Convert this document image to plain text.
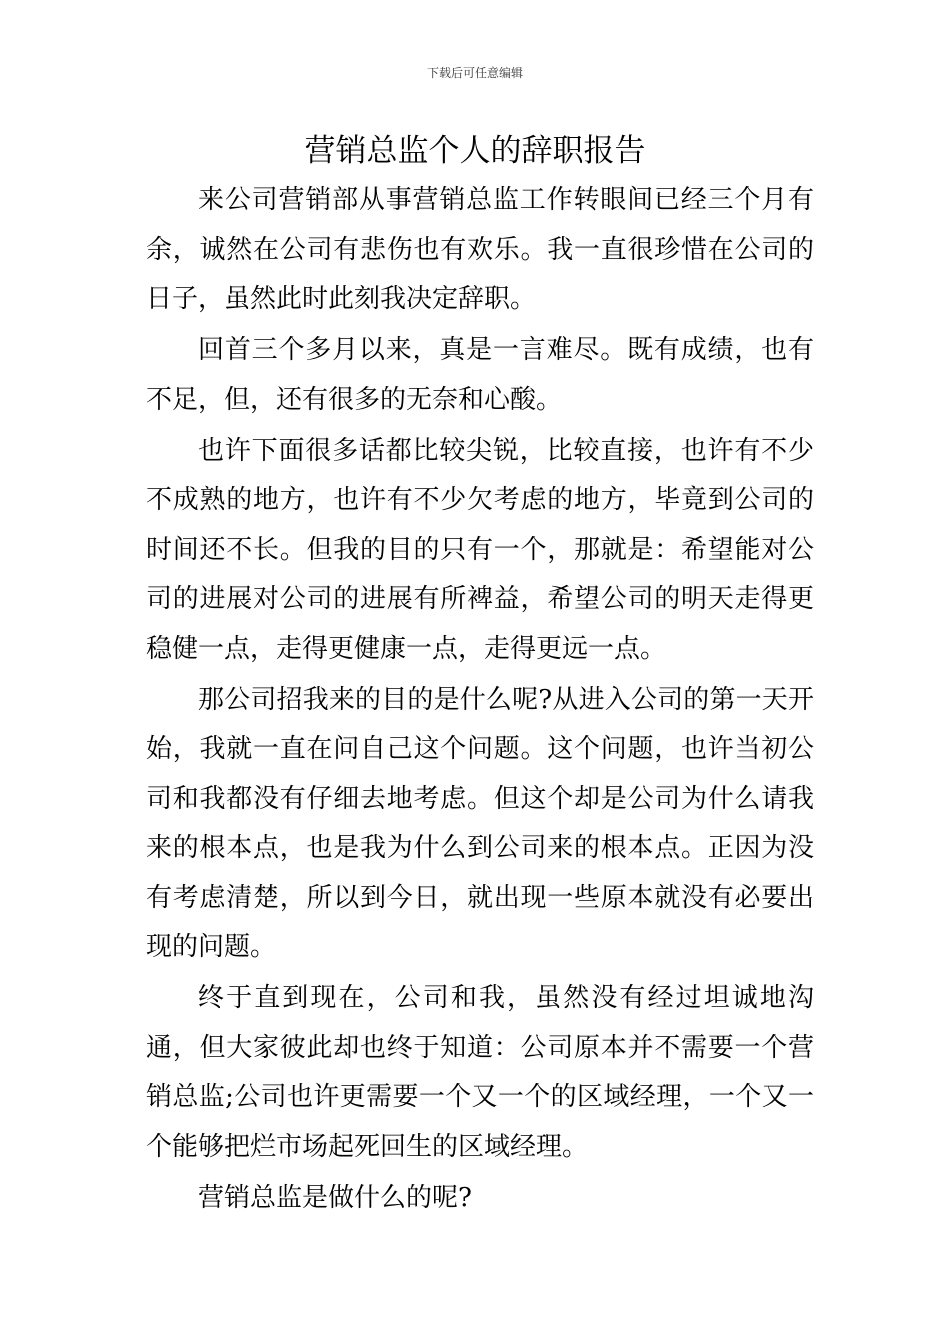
下载后可任意编辑
营销总监个人的辞职报告

来公司营销部从事营销总监工作转眼间已经三个月有余，诚然在公司有悲伤也有欢乐。我一直很珍惜在公司的日子，虽然此时此刻我决定辞职。

回首三个多月以来，真是一言难尽。既有成绩，也有不足，但，还有很多的无奈和心酸。

也许下面很多话都比较尖锐，比较直接，也许有不少不成熟的地方，也许有不少欠考虑的地方，毕竟到公司的时间还不长。但我的目的只有一个，那就是：希望能对公司的进展对公司的进展有所裨益，希望公司的明天走得更稳健一点，走得更健康一点，走得更远一点。

那公司招我来的目的是什么呢?从进入公司的第一天开始，我就一直在问自己这个问题。这个问题，也许当初公司和我都没有仔细去地考虑。但这个却是公司为什么请我来的根本点，也是我为什么到公司来的根本点。正因为没有考虑清楚，所以到今日，就出现一些原本就没有必要出现的问题。

终于直到现在，公司和我，虽然没有经过坦诚地沟通，但大家彼此却也终于知道：公司原本并不需要一个营销总监;公司也许更需要一个又一个的区域经理，一个又一个能够把烂市场起死回生的区域经理。

营销总监是做什么的呢?
